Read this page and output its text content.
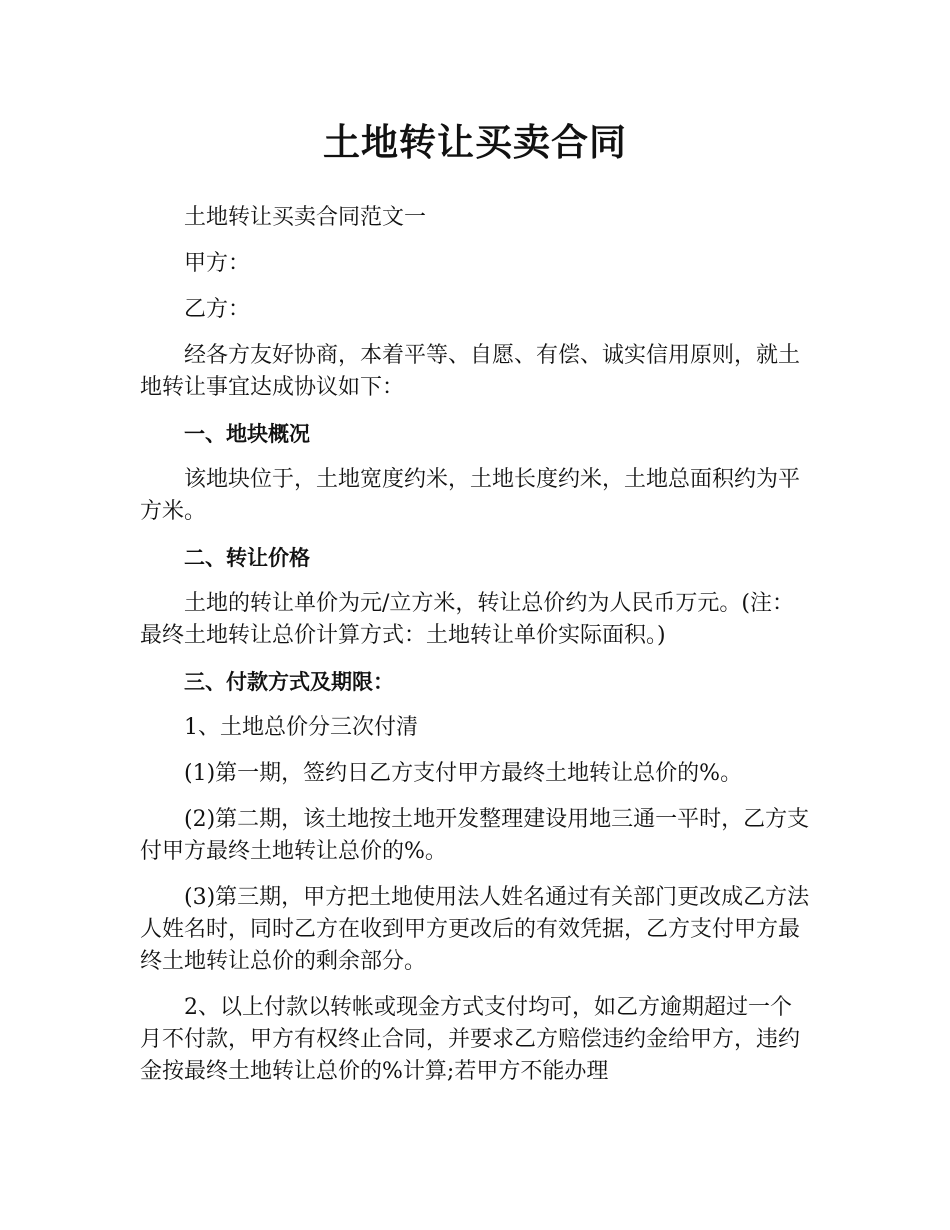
土地转让买卖合同

土地转让买卖合同范文一

甲方：

乙方：

经各方友好协商，本着平等、自愿、有偿、诚实信用原则，就土地转让事宜达成协议如下：

一、地块概况

该地块位于，土地宽度约米，土地长度约米，土地总面积约为平方米。

二、转让价格

土地的转让单价为元/立方米，转让总价约为人民币万元。(注：最终土地转让总价计算方式：土地转让单价实际面积。)

三、付款方式及期限：

1、土地总价分三次付清

(1)第一期，签约日乙方支付甲方最终土地转让总价的%。

(2)第二期，该土地按土地开发整理建设用地三通一平时，乙方支付甲方最终土地转让总价的%。

(3)第三期，甲方把土地使用法人姓名通过有关部门更改成乙方法人姓名时，同时乙方在收到甲方更改后的有效凭据，乙方支付甲方最终土地转让总价的剩余部分。

2、以上付款以转帐或现金方式支付均可，如乙方逾期超过一个月不付款，甲方有权终止合同，并要求乙方赔偿违约金给甲方，违约金按最终土地转让总价的%计算;若甲方不能办理
